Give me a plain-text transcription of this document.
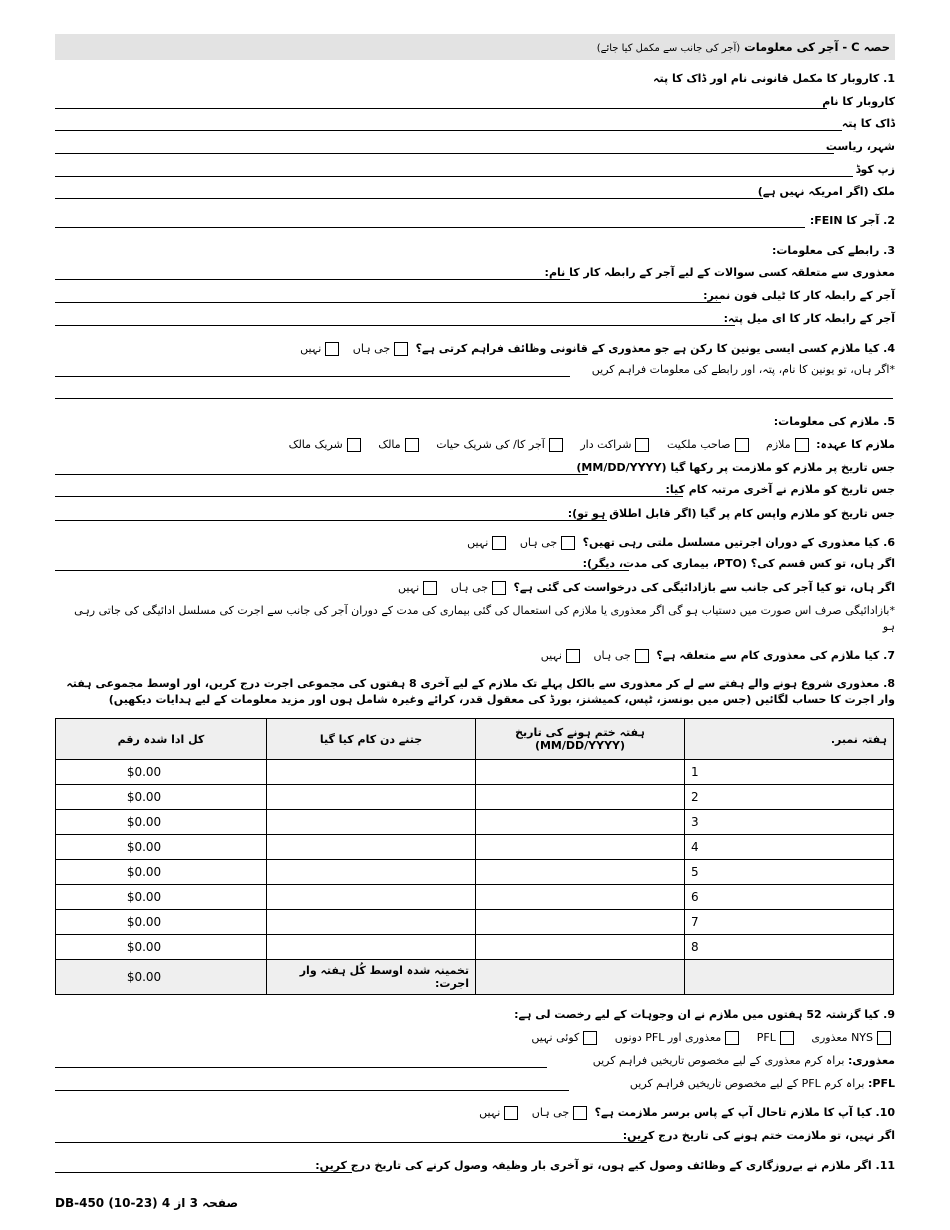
حصہ C - آجر کی معلومات (آجر کی جانب سے مکمل کیا جائے)
1. کاروبار کا مکمل قانونی نام اور ڈاک کا پتہ
کاروبار کا نام
ڈاک کا پتہ
شہر، ریاست
زپ کوڈ
ملک (اگر امریکہ نہیں ہے)
2. آجر کا FEIN:
3. رابطے کی معلومات:
معذوری سے متعلقہ کسی سوالات کے لیے آجر کے رابطہ کار کا نام:
آجر کے رابطہ کار کا ٹیلی فون نمبر:
آجر کے رابطہ کار کا ای میل پتہ:
4. کیا ملازم کسی ایسی یونین کا رکن ہے جو معذوری کے قانونی وظائف فراہم کرتی ہے؟ جی ہاں نہیں
*اگر ہاں، تو یونین کا نام، پتہ، اور رابطے کی معلومات فراہم کریں
5. ملازم کی معلومات:
ملازم کا عہدہ: ملازم صاحب ملکیت شراکت دار آجر کا/ کی شریک حیات مالک شریک مالک
جس تاریخ پر ملازم کو ملازمت پر رکھا گیا (MM/DD/YYYY)
جس تاریخ کو ملازم نے آخری مرتبہ کام کیا:
جس تاریخ کو ملازم واپس کام پر گیا (اگر قابل اطلاق ہو تو):
6. کیا معذوری کے دوران اجرتیں مسلسل ملتی رہی تھیں؟ جی ہاں نہیں
اگر ہاں، تو کس قسم کی؟ (PTO، بیماری کی مدت، دیگر):
اگر ہاں، تو کیا آجر کی جانب سے بازادائیگی کی درخواست کی گئی ہے؟ جی ہاں نہیں
*بازادائیگی صرف اس صورت میں دستیاب ہو گی اگر معذوری یا ملازم کی استعمال کی گئی بیماری کی مدت کے دوران آجر کی جانب سے اجرت کی مسلسل ادائیگی کی جاتی رہی ہو
7. کیا ملازم کی معذوری کام سے متعلقہ ہے؟ جی ہاں نہیں
8. معذوری شروع ہونے والے ہفتے سے لے کر معذوری سے بالکل پہلے تک ملازم کے لیے آخری 8 ہفتوں کی مجموعی اجرت درج کریں، اور اوسط مجموعی ہفتہ وار اجرت کا حساب لگائیں (جس میں بونسز، ٹپس، کمیشنز، بورڈ کی معقول قدر، کرائے وغیرہ شامل ہوں اور مزید معلومات کے لیے ہدایات دیکھیں)
ہفتہ نمبر.	ہفتہ ختم ہونے کی تاریخ (MM/DD/YYYY)	جتنے دن کام کیا گیا	کل ادا شدہ رقم
1			$0.00
2			$0.00
3			$0.00
4			$0.00
5			$0.00
6			$0.00
7			$0.00
8			$0.00
		تخمینہ شدہ اوسط کُل ہفتہ وار اجرت:	$0.00
9. کیا گزشتہ 52 ہفتوں میں ملازم نے ان وجوہات کے لیے رخصت لی ہے:
NYS معذوری PFL معذوری اور PFL دونوں کوئی نہیں
معذوری: براہ کرم معذوری کے لیے مخصوص تاریخیں فراہم کریں
PFL: براہ کرم PFL کے لیے مخصوص تاریخیں فراہم کریں
10. کیا آپ کا ملازم تاحال آپ کے پاس برسر ملازمت ہے؟ جی ہاں نہیں
اگر نہیں، تو ملازمت ختم ہونے کی تاریخ درج کریں:
11. اگر ملازم نے بےروزگاری کے وظائف وصول کیے ہوں، تو آخری بار وظیفہ وصول کرنے کی تاریخ درج کریں:
DB-450 (10-23) صفحہ 3 از 4
